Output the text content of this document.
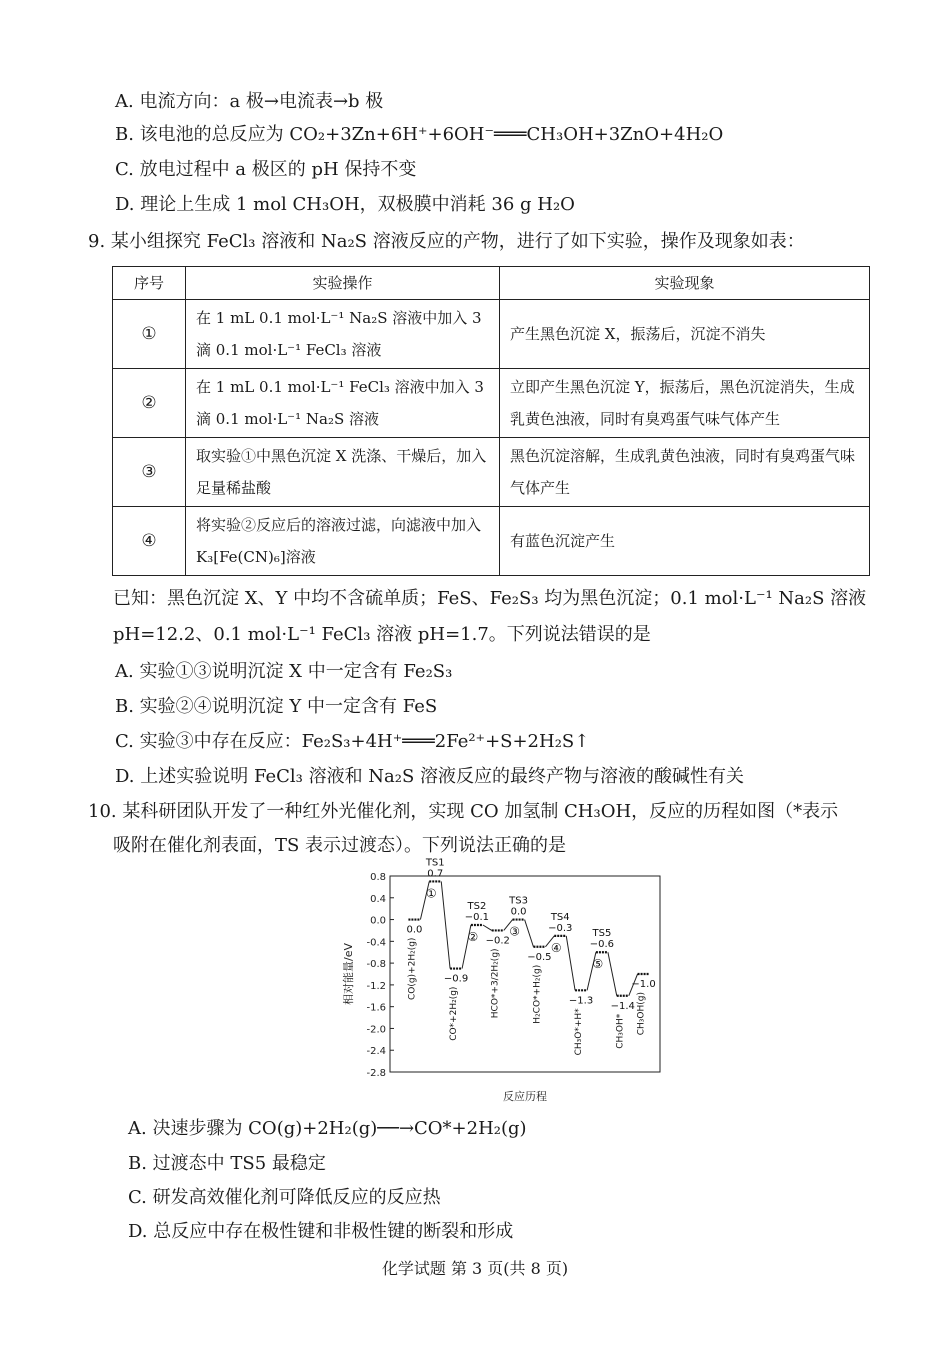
A. 电流方向：a 极→电流表→b 极
B. 该电池的总反应为 CO₂+3Zn+6H⁺+6OH⁻═══CH₃OH+3ZnO+4H₂O
C. 放电过程中 a 极区的 pH 保持不变
D. 理论上生成 1 mol CH₃OH，双极膜中消耗 36 g H₂O
9. 某小组探究 FeCl₃ 溶液和 Na₂S 溶液反应的产物，进行了如下实验，操作及现象如表：
序号	实验操作	实验现象
①	在 1 mL 0.1 mol·L⁻¹ Na₂S 溶液中加入 3 滴 0.1 mol·L⁻¹ FeCl₃ 溶液	产生黑色沉淀 X，振荡后，沉淀不消失
②	在 1 mL 0.1 mol·L⁻¹ FeCl₃ 溶液中加入 3 滴 0.1 mol·L⁻¹ Na₂S 溶液	立即产生黑色沉淀 Y，振荡后，黑色沉淀消失，生成乳黄色浊液，同时有臭鸡蛋气味气体产生
③	取实验①中黑色沉淀 X 洗涤、干燥后，加入足量稀盐酸	黑色沉淀溶解，生成乳黄色浊液，同时有臭鸡蛋气味气体产生
④	将实验②反应后的溶液过滤，向滤液中加入 K₃[Fe(CN)₆]溶液	有蓝色沉淀产生
已知：黑色沉淀 X、Y 中均不含硫单质；FeS、Fe₂S₃ 均为黑色沉淀；0.1 mol·L⁻¹ Na₂S 溶液
pH=12.2、0.1 mol·L⁻¹ FeCl₃ 溶液 pH=1.7。下列说法错误的是
A. 实验①③说明沉淀 X 中一定含有 Fe₂S₃
B. 实验②④说明沉淀 Y 中一定含有 FeS
C. 实验③中存在反应：Fe₂S₃+4H⁺═══2Fe²⁺+S+2H₂S↑
D. 上述实验说明 FeCl₃ 溶液和 Na₂S 溶液反应的最终产物与溶液的酸碱性有关
10. 某科研团队开发了一种红外光催化剂，实现 CO 加氢制 CH₃OH，反应的历程如图（*表示
吸附在催化剂表面，TS 表示过渡态）。下列说法正确的是
0.8
0.4
0.0
-0.4
-0.8
-1.2
-1.6
-2.0
-2.4
-2.8
相对能量/eV
反应历程
0.0
CO(g)+2H₂(g)
TS1
0.7
①
−0.9
CO*+2H₂(g)
TS2
−0.1
② −0.2
HCO*+3/2H₂(g)
TS3
0.0
③
−0.5
H₂CO*+H₂(g)
TS4
−0.3
④
−1.3
CH₃O*+H*
TS5
−0.6
⑤
−1.4
CH₃OH*
−1.0
CH₃OH(g)
A. 决速步骤为 CO(g)+2H₂(g)──→CO*+2H₂(g)
B. 过渡态中 TS5 最稳定
C. 研发高效催化剂可降低反应的反应热
D. 总反应中存在极性键和非极性键的断裂和形成
化学试题 第 3 页(共 8 页)
